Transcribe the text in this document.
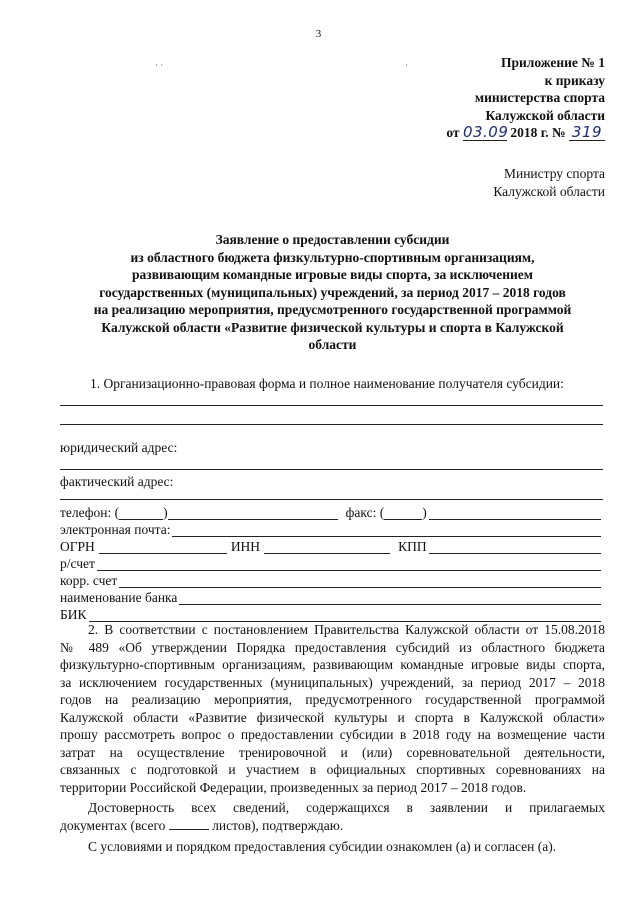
3
· ·	·	Приложение № 1
к приказу
министерства спорта
Калужской области
от 03.09 2018 г. № 319
Министру спорта
Калужской области
Заявление о предоставлении субсидии
из областного бюджета физкультурно-спортивным организациям,
развивающим командные игровые виды спорта, за исключением
государственных (муниципальных) учреждений, за период 2017 – 2018 годов
на реализацию мероприятия, предусмотренного государственной программой
Калужской области «Развитие физической культуры и спорта в Калужской
области
1. Организационно-правовая форма и полное наименование получателя субсидии:
юридический адрес:
фактический адрес:
телефон: (	)	факс: (	)
электронная почта:
ОГРН	ИНН	КПП
р/счет
корр. счет
наименование банка
БИК
2. В соответствии с постановлением Правительства Калужской области от 15.08.2018
№ 489 «Об утверждении Порядка предоставления субсидий из областного бюджета
физкультурно-спортивным организациям, развивающим командные игровые виды спорта,
за исключением государственных (муниципальных) учреждений, за период 2017 – 2018
годов на реализацию мероприятия, предусмотренного государственной программой
Калужской области «Развитие физической культуры и спорта в Калужской области»
прошу рассмотреть вопрос о предоставлении субсидии в 2018 году на возмещение части
затрат на осуществление тренировочной и (или) соревновательной деятельности,
связанных с подготовкой и участием в официальных спортивных соревнованиях на
территории Российской Федерации, произведенных за период 2017 – 2018 годов.
Достоверность всех сведений, содержащихся в заявлении и прилагаемых
документах (всего	листов), подтверждаю.
С условиями и порядком предоставления субсидии ознакомлен (а) и согласен (а).
